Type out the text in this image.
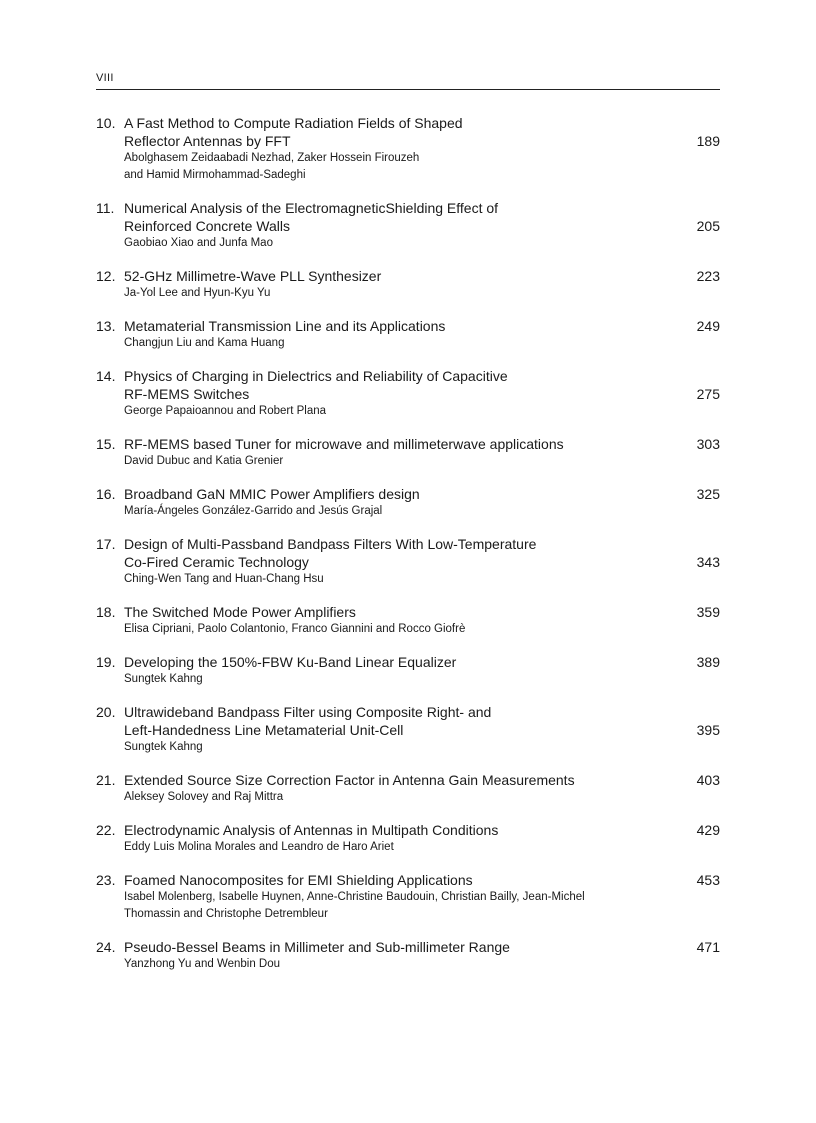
VIII
10. A Fast Method to Compute Radiation Fields of Shaped
Reflector Antennas by FFT
Abolghasem Zeidaabadi Nezhad, Zaker Hossein Firouzeh
and Hamid Mirmohammad-Sadeghi
189
11. Numerical Analysis of the ElectromagneticShielding Effect of
Reinforced Concrete Walls
Gaobiao Xiao and Junfa Mao
205
12. 52-GHz Millimetre-Wave PLL Synthesizer
Ja-Yol Lee and Hyun-Kyu Yu
223
13. Metamaterial Transmission Line and its Applications
Changjun Liu and Kama Huang
249
14. Physics of Charging in Dielectrics and Reliability of Capacitive
RF-MEMS Switches
George Papaioannou and Robert Plana
275
15. RF-MEMS based Tuner for microwave and millimeterwave applications
David Dubuc and Katia Grenier
303
16. Broadband GaN MMIC Power Amplifiers design
María-Ángeles González-Garrido and Jesús Grajal
325
17. Design of Multi-Passband Bandpass Filters With Low-Temperature
Co-Fired Ceramic Technology
Ching-Wen Tang and Huan-Chang Hsu
343
18. The Switched Mode Power Amplifiers
Elisa Cipriani, Paolo Colantonio, Franco Giannini and Rocco Giofrè
359
19. Developing the 150%-FBW Ku-Band Linear Equalizer
Sungtek Kahng
389
20. Ultrawideband Bandpass Filter using Composite Right- and
Left-Handedness Line Metamaterial Unit-Cell
Sungtek Kahng
395
21. Extended Source Size Correction Factor in Antenna Gain Measurements
Aleksey Solovey and Raj Mittra
403
22. Electrodynamic Analysis of Antennas in Multipath Conditions
Eddy Luis Molina Morales and Leandro de Haro Ariet
429
23. Foamed Nanocomposites for EMI Shielding Applications
Isabel Molenberg, Isabelle Huynen, Anne-Christine Baudouin, Christian Bailly, Jean-Michel
Thomassin and Christophe Detrembleur
453
24. Pseudo-Bessel Beams in Millimeter and Sub-millimeter Range
Yanzhong Yu and Wenbin Dou
471
